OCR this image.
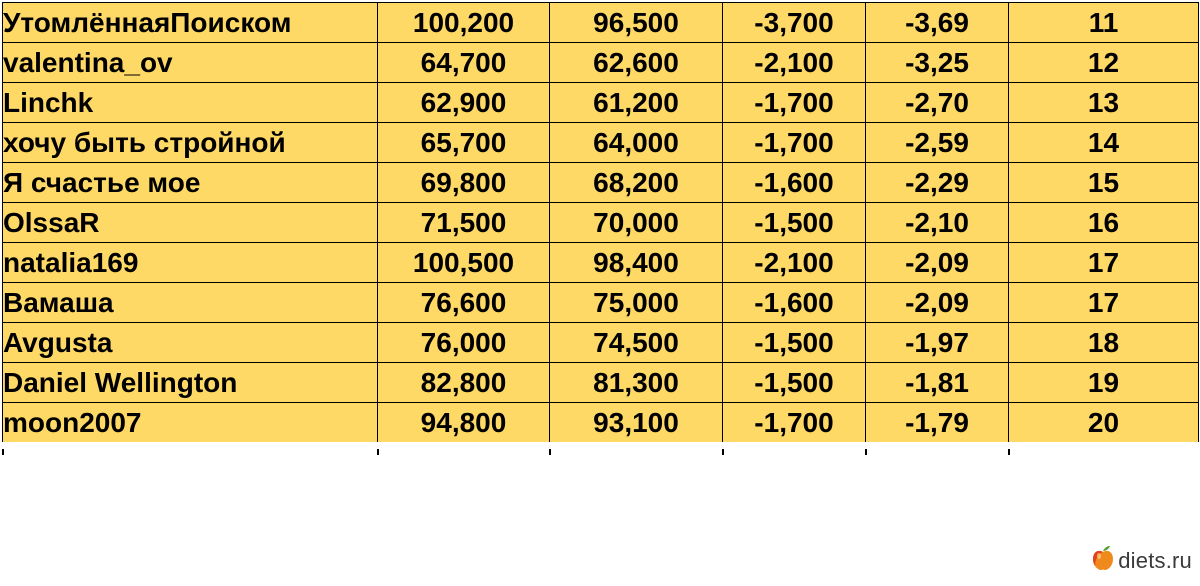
УтомлённаяПоиском	100,200	96,500	-3,700	-3,69	11
valentina_ov	64,700	62,600	-2,100	-3,25	12
Linchk	62,900	61,200	-1,700	-2,70	13
хочу быть стройной	65,700	64,000	-1,700	-2,59	14
Я счастье мое	69,800	68,200	-1,600	-2,29	15
OlssaR	71,500	70,000	-1,500	-2,10	16
natalia169	100,500	98,400	-2,100	-2,09	17
Вамаша	76,600	75,000	-1,600	-2,09	17
Avgusta	76,000	74,500	-1,500	-1,97	18
Daniel Wellington	82,800	81,300	-1,500	-1,81	19
moon2007	94,800	93,100	-1,700	-1,79	20
diets.ru
